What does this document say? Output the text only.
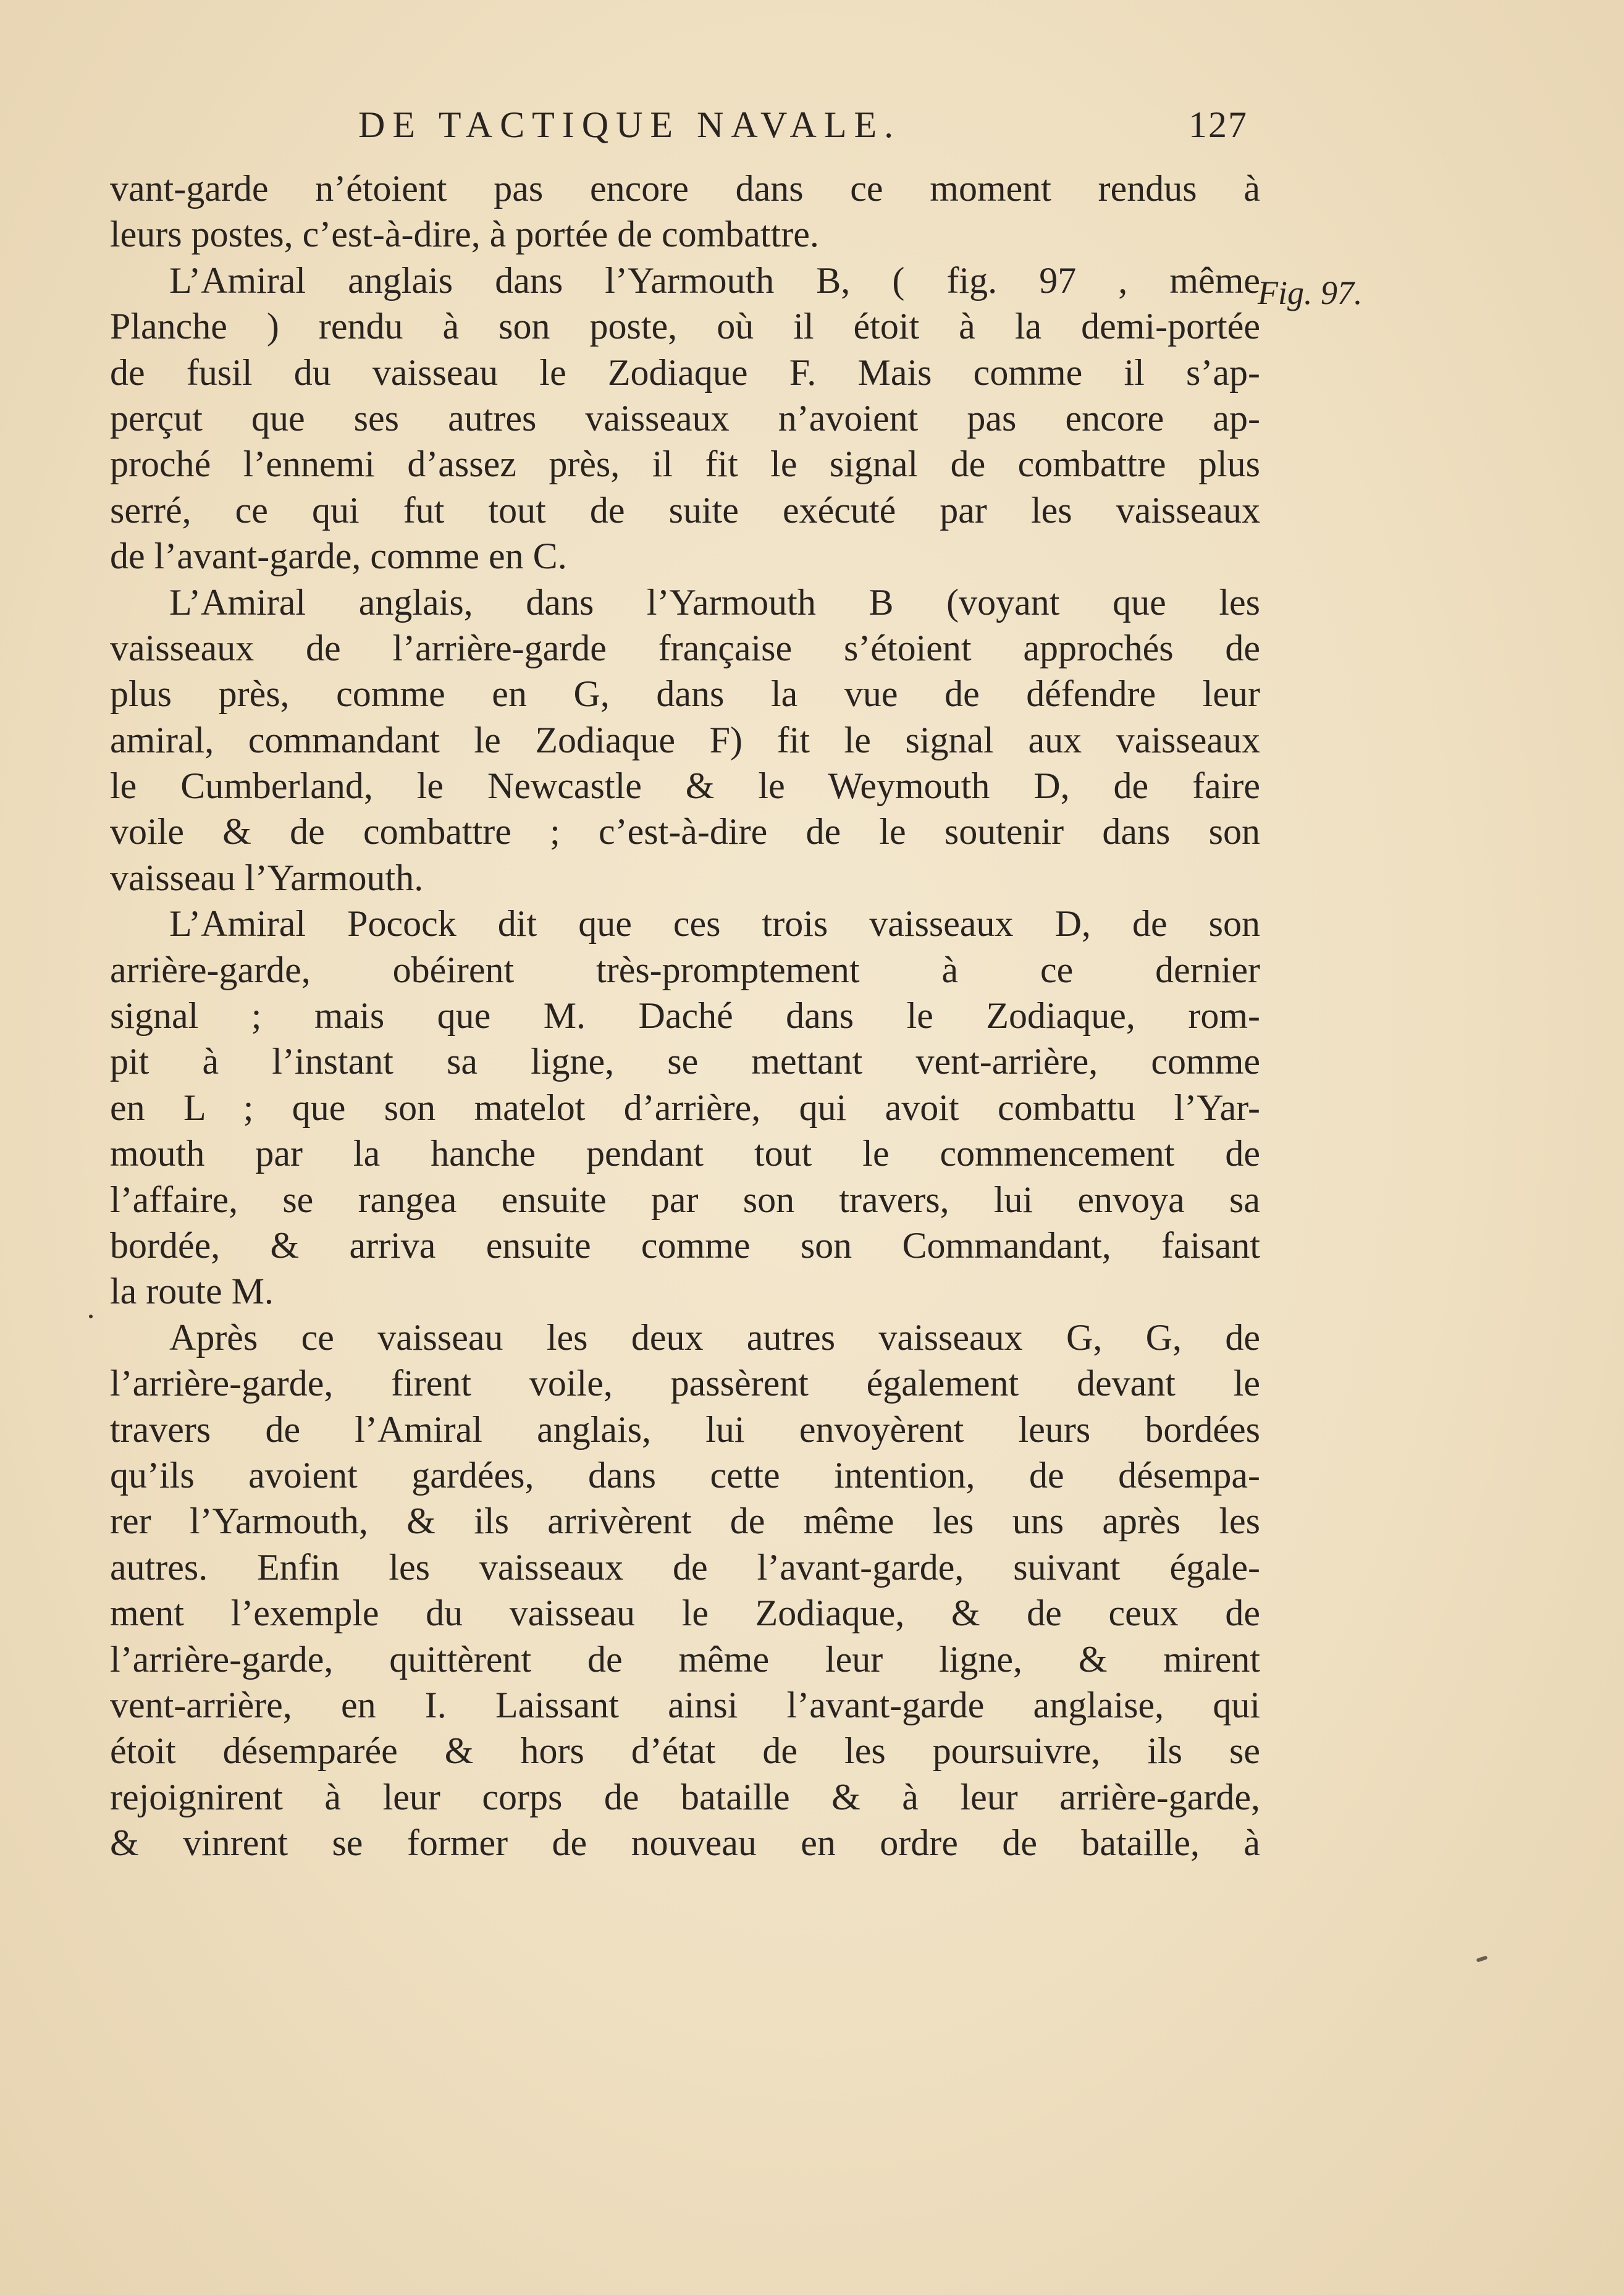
DE TACTIQUE NAVALE.	127
Fig. 97.
vant-garde n’étoient pas encore dans ce moment rendus à
leurs postes, c’est-à-dire, à portée de combattre.
L’Amiral anglais dans l’Yarmouth B, ( fig. 97 , même
Planche ) rendu à son poste, où il étoit à la demi-portée
de fusil du vaisseau le Zodiaque F. Mais comme il s’ap-
perçut que ses autres vaisseaux n’avoient pas encore ap-
proché l’ennemi d’assez près, il fit le signal de combattre plus
serré, ce qui fut tout de suite exécuté par les vaisseaux
de l’avant-garde, comme en C.
L’Amiral anglais, dans l’Yarmouth B (voyant que les
vaisseaux de l’arrière-garde française s’étoient approchés de
plus près, comme en G, dans la vue de défendre leur
amiral, commandant le Zodiaque F) fit le signal aux vaisseaux
le Cumberland, le Newcastle & le Weymouth D, de faire
voile & de combattre ; c’est-à-dire de le soutenir dans son
vaisseau l’Yarmouth.
L’Amiral Pocock dit que ces trois vaisseaux D, de son
arrière-garde, obéirent très-promptement à ce dernier
signal ; mais que M. Daché dans le Zodiaque, rom-
pit à l’instant sa ligne, se mettant vent-arrière, comme
en L ; que son matelot d’arrière, qui avoit combattu l’Yar-
mouth par la hanche pendant tout le commencement de
l’affaire, se rangea ensuite par son travers, lui envoya sa
bordée, & arriva ensuite comme son Commandant, faisant
la route M.
Après ce vaisseau les deux autres vaisseaux G, G, de
l’arrière-garde, firent voile, passèrent également devant le
travers de l’Amiral anglais, lui envoyèrent leurs bordées
qu’ils avoient gardées, dans cette intention, de désempa-
rer l’Yarmouth, & ils arrivèrent de même les uns après les
autres. Enfin les vaisseaux de l’avant-garde, suivant égale-
ment l’exemple du vaisseau le Zodiaque, & de ceux de
l’arrière-garde, quittèrent de même leur ligne, & mirent
vent-arrière, en I. Laissant ainsi l’avant-garde anglaise, qui
étoit désemparée & hors d’état de les poursuivre, ils se
rejoignirent à leur corps de bataille & à leur arrière-garde,
& vinrent se former de nouveau en ordre de bataille, à
